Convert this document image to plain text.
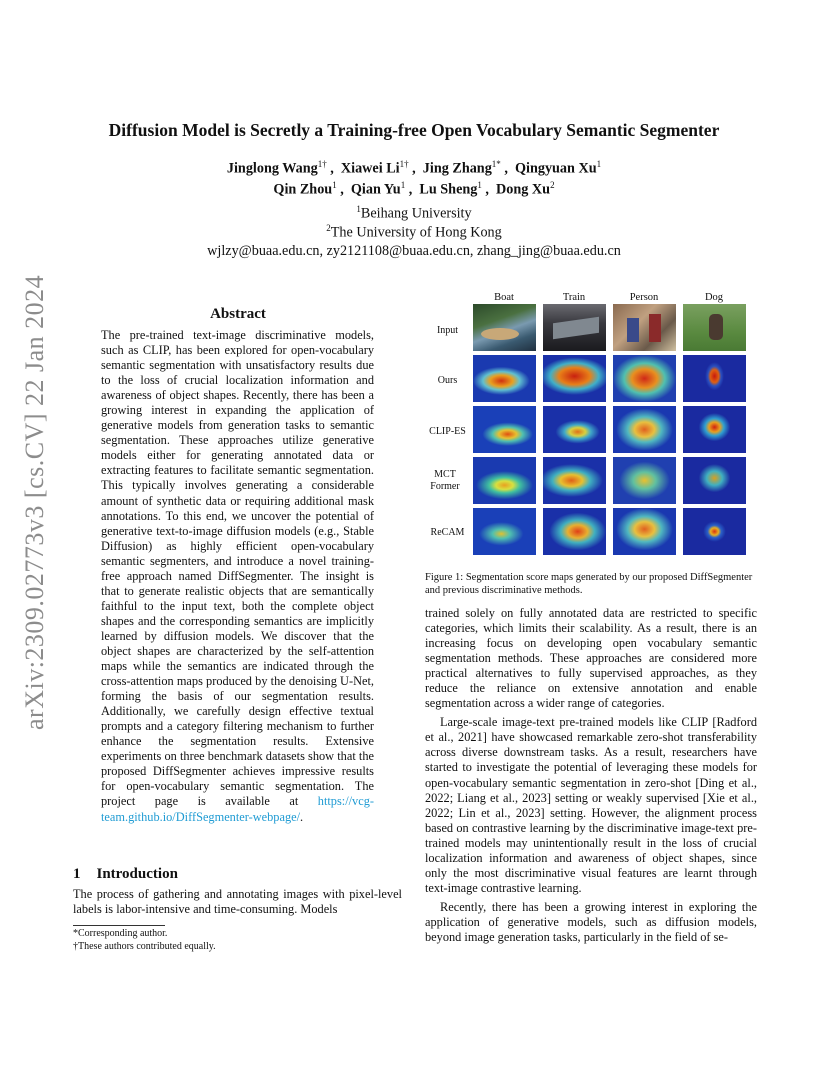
arXiv:2309.02773v3 [cs.CV] 22 Jan 2024
Diffusion Model is Secretly a Training-free Open Vocabulary Semantic Segmenter
Jinglong Wang$^{1\dagger}$ ,  Xiawei $Li^{1\dagger}$ ,  Jing Zhang$^{1*}$ ,  Qingyuan Xu$^1$
Qin Zhou$^1$ ,  Qian Yu$^1$ ,  Lu Sheng$^1$ ,  Dong Xu$^2$
$^1$Beihang University
$^2$The University of Hong Kong
wjlzy@buaa.edu.cn, zy2121108@buaa.edu.cn, zhang_jing@buaa.edu.cn
Abstract
The pre-trained text-image discriminative models, such as CLIP, has been explored for open-vocabulary semantic segmentation with unsatisfactory results due to the loss of crucial localization information and awareness of object shapes. Recently, there has been a growing interest in expanding the application of generative models from generation tasks to semantic segmentation. These approaches utilize generative models either for generating annotated data or extracting features to facilitate semantic segmentation. This typically involves generating a considerable amount of synthetic data or requiring additional mask annotations. To this end, we uncover the potential of generative text-to-image diffusion models (e.g., Stable Diffusion) as highly efficient open-vocabulary semantic segmenters, and introduce a novel training-free approach named DiffSegmenter. The insight is that to generate realistic objects that are semantically faithful to the input text, both the complete object shapes and the corresponding semantics are implicitly learned by diffusion models. We discover that the object shapes are characterized by the self-attention maps while the semantics are indicated through the cross-attention maps produced by the denoising U-Net, forming the basis of our segmentation results. Additionally, we carefully design effective textual prompts and a category filtering mechanism to further enhance the segmentation results. Extensive experiments on three benchmark datasets show that the proposed DiffSegmenter achieves impressive results for open-vocabulary semantic segmentation. The project page is available at https://vcg-team.github.io/DiffSegmenter-webpage/.
1 Introduction
The process of gathering and annotating images with pixel-level labels is labor-intensive and time-consuming. Models
*Corresponding author.
†These authors contributed equally.
Boat	Train	Person	Dog
Input
Ours
CLIP-ES
MCT Former
ReCAM
Figure 1: Segmentation score maps generated by our proposed DiffSegmenter and previous discriminative methods.

trained solely on fully annotated data are restricted to specific categories, which limits their scalability. As a result, there is an increasing focus on developing open vocabulary semantic segmentation methods. These approaches are considered more practical alternatives to fully supervised approaches, as they reduce the reliance on extensive annotation and enable segmentation across a wider range of categories.

Large-scale image-text pre-trained models like CLIP [Radford et al., 2021] have showcased remarkable zero-shot transferability across diverse downstream tasks. As a result, researchers have started to investigate the potential of leveraging these models for open-vocabulary semantic segmentation in zero-shot [Ding et al., 2022; Liang et al., 2023] setting or weakly supervised [Xie et al., 2022; Lin et al., 2023] setting. However, the alignment process based on contrastive learning by the discriminative image-text pre-trained models may unintentionally result in the loss of crucial localization information and awareness of object shapes, since only the most discriminative visual features are learnt through text-image contrastive learning.

Recently, there has been a growing interest in exploring the application of generative models, such as diffusion models, beyond image generation tasks, particularly in the field of se-
